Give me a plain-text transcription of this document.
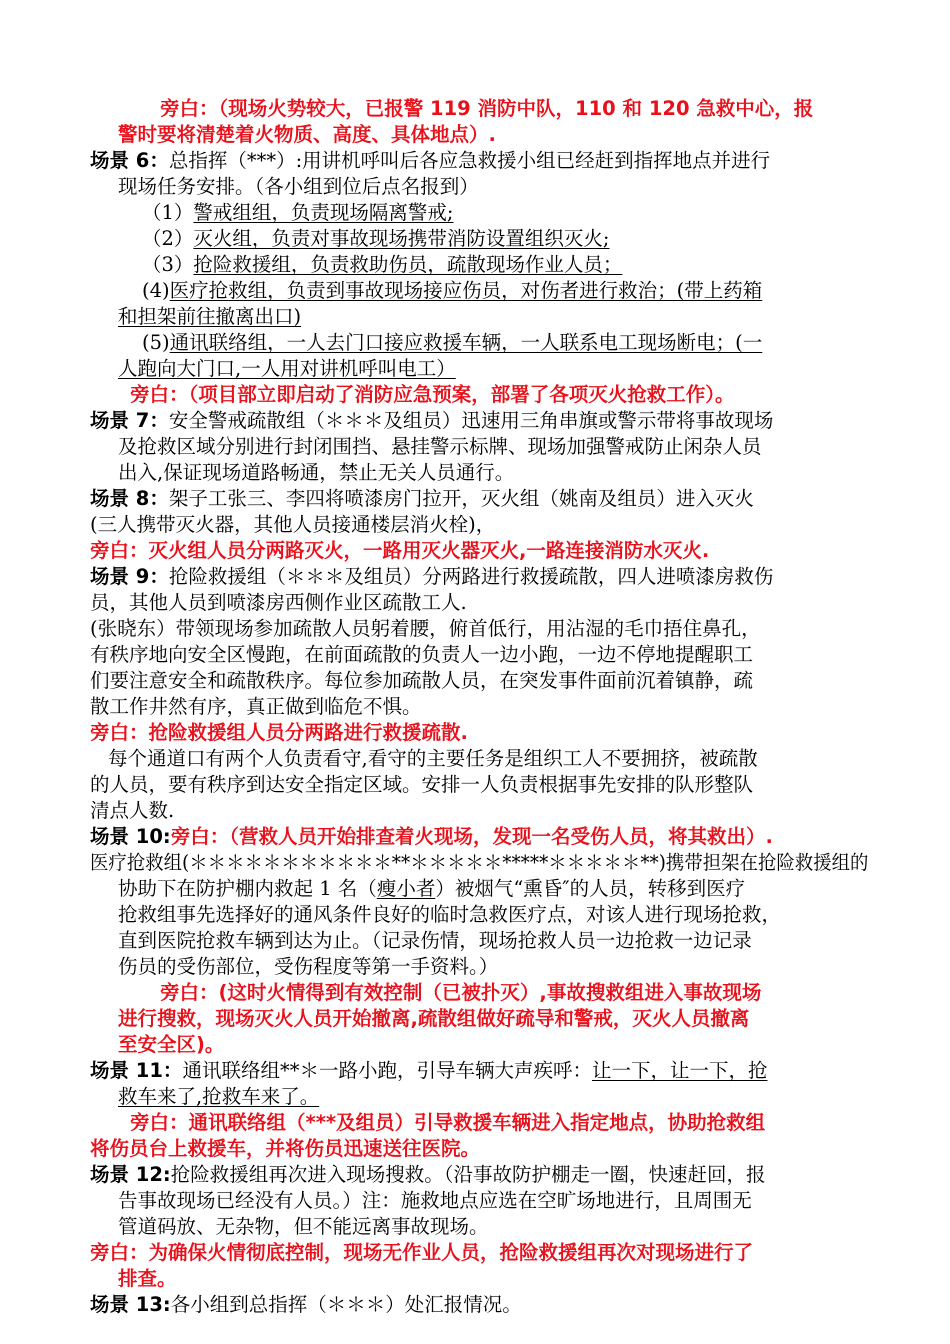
旁白：（现场火势较大，已报警 119 消防中队，110 和 120 急救中心，报
警时要将清楚着火物质、高度、具体地点）.
场景 6：总指挥（***）:用讲机呼叫后各应急救援小组已经赶到指挥地点并进行
现场任务安排。（各小组到位后点名报到）
（1）警戒组组，负责现场隔离警戒;
（2）灭火组，负责对事故现场携带消防设置组织灭火;
（3）抢险救援组，负责救助伤员，疏散现场作业人员；
(4)医疗抢救组，负责到事故现场接应伤员，对伤者进行救治；(带上药箱
和担架前往撤离出口)
(5)通讯联络组，一人去门口接应救援车辆，一人联系电工现场断电；(一
人跑向大门口,一人用对讲机呼叫电工）
旁白：（项目部立即启动了消防应急预案，部署了各项灭火抢救工作）。
场景 7：安全警戒疏散组（＊＊＊及组员）迅速用三角串旗或警示带将事故现场
及抢救区域分别进行封闭围挡、悬挂警示标牌、现场加强警戒防止闲杂人员
出入,保证现场道路畅通，禁止无关人员通行。
场景 8：架子工张三、李四将喷漆房门拉开，灭火组（姚南及组员）进入灭火
(三人携带灭火器，其他人员接通楼层消火栓)，
旁白：灭火组人员分两路灭火，一路用灭火器灭火,一路连接消防水灭火.
场景 9：抢险救援组（＊＊＊及组员）分两路进行救援疏散，四人进喷漆房救伤
员，其他人员到喷漆房西侧作业区疏散工人.
(张晓东）带领现场参加疏散人员躬着腰，俯首低行，用沾湿的毛巾捂住鼻孔，
有秩序地向安全区慢跑，在前面疏散的负责人一边小跑，一边不停地提醒职工
们要注意安全和疏散秩序。每位参加疏散人员，在突发事件面前沉着镇静，疏
散工作井然有序，真正做到临危不惧。
旁白：抢险救援组人员分两路进行救援疏散.
每个通道口有两个人负责看守,看守的主要任务是组织工人不要拥挤，被疏散
的人员，要有秩序到达安全指定区域。安排一人负责根据事先安排的队形整队
清点人数.
场景 10:旁白：（营救人员开始排查着火现场，发现一名受伤人员，将其救出）.
医疗抢救组(＊＊＊＊＊＊＊＊＊＊＊**＊＊＊＊＊*****＊＊＊＊＊**)携带担架在抢险救援组的
协助下在防护棚内救起 1 名（瘦小者）被烟气“熏昏″的人员，转移到医疗
抢救组事先选择好的通风条件良好的临时急救医疗点，对该人进行现场抢救，
直到医院抢救车辆到达为止。（记录伤情，现场抢救人员一边抢救一边记录
伤员的受伤部位，受伤程度等第一手资料。）
旁白：(这时火情得到有效控制（已被扑灭）,事故搜救组进入事故现场
进行搜救，现场灭火人员开始撤离,疏散组做好疏导和警戒，灭火人员撤离
至安全区)。
场景 11：通讯联络组**＊一路小跑，引导车辆大声疾呼：让一下，让一下，抢
救车来了,抢救车来了。
旁白：通讯联络组（***及组员）引导救援车辆进入指定地点，协助抢救组
将伤员台上救援车，并将伤员迅速送往医院。
场景 12:抢险救援组再次进入现场搜救。（沿事故防护棚走一圈，快速赶回，报
告事故现场已经没有人员。）注：施救地点应选在空旷场地进行，且周围无
管道码放、无杂物，但不能远离事故现场。
旁白：为确保火情彻底控制，现场无作业人员，抢险救援组再次对现场进行了
排查。
场景 13:各小组到总指挥（＊＊＊）处汇报情况。
